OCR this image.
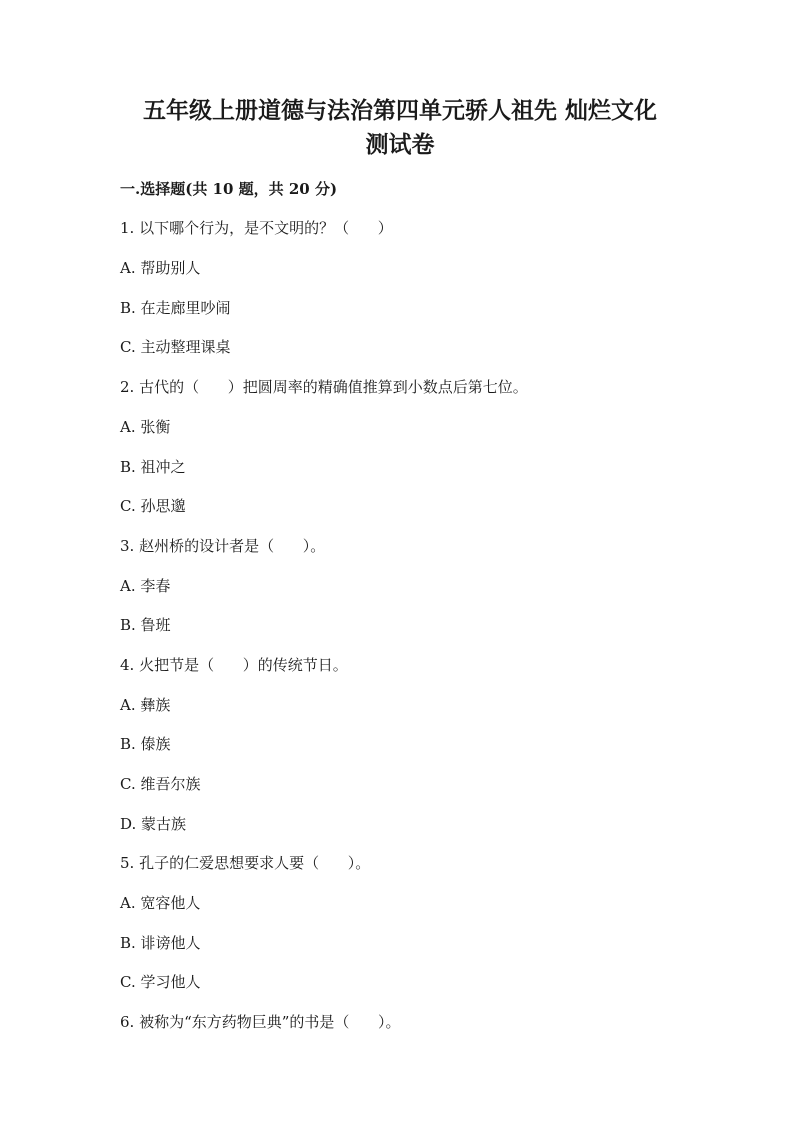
五年级上册道德与法治第四单元骄人祖先 灿烂文化
测试卷
一.选择题(共 10 题，共 20 分)
1. 以下哪个行为，是不文明的？（      ）
A. 帮助别人
B. 在走廊里吵闹
C. 主动整理课桌
2. 古代的（      ）把圆周率的精确值推算到小数点后第七位。
A. 张衡
B. 祖冲之
C. 孙思邈
3. 赵州桥的设计者是（      ）。
A. 李春
B. 鲁班
4. 火把节是（      ）的传统节日。
A. 彝族
B. 傣族
C. 维吾尔族
D. 蒙古族
5. 孔子的仁爱思想要求人要（      ）。
A. 宽容他人
B. 诽谤他人
C. 学习他人
6. 被称为“东方药物巨典”的书是（      ）。
